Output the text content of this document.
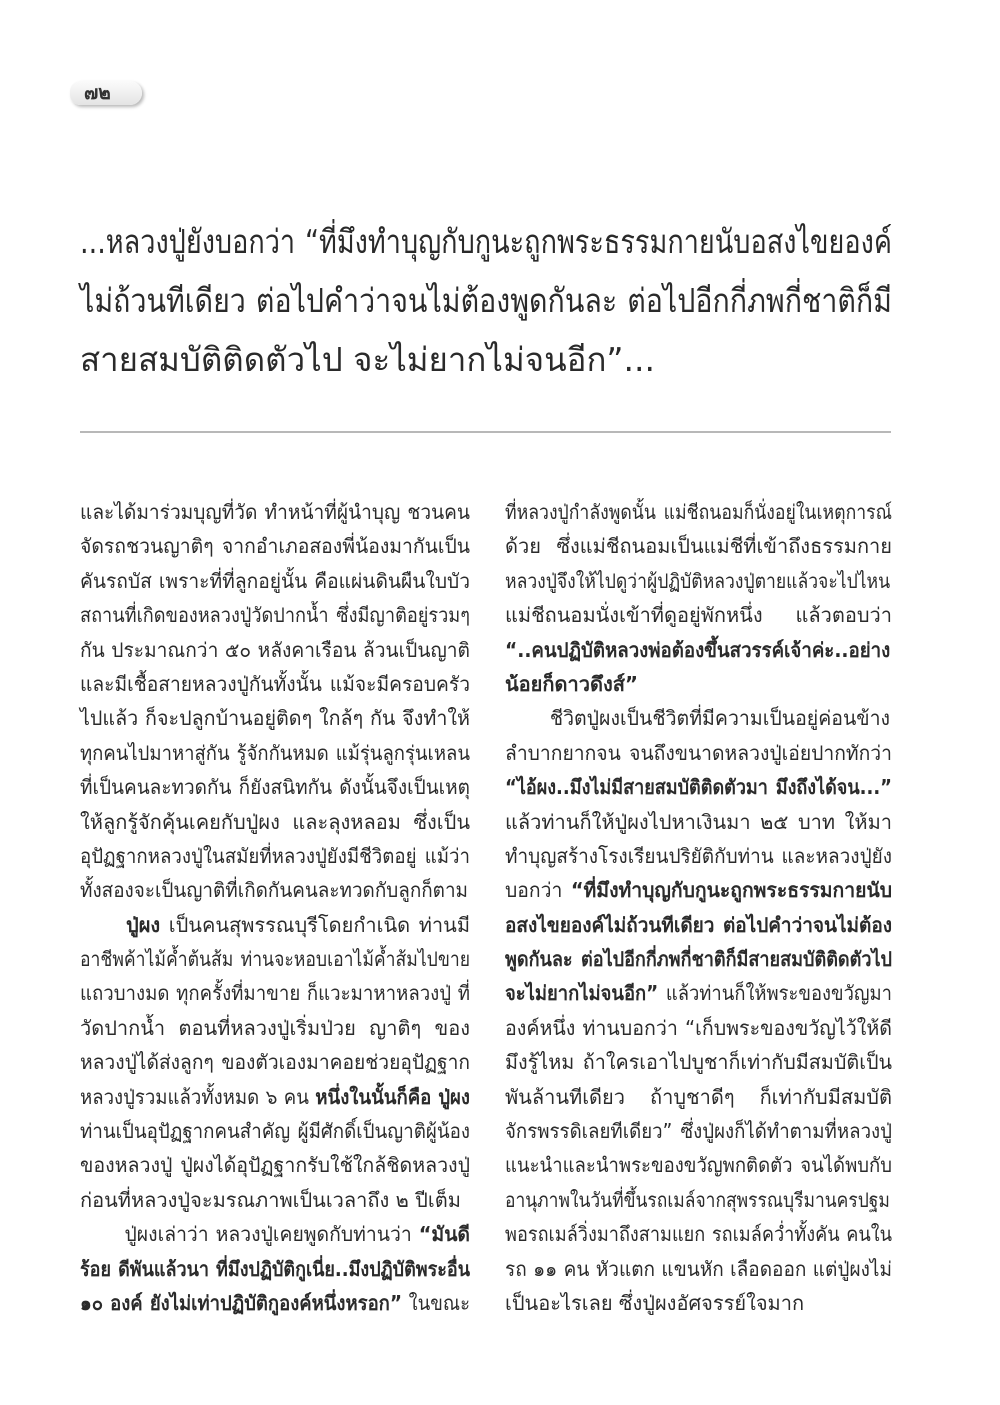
๗๒
...หลวงปู่ยังบอกว่า “ที่มึงทำบุญกับกูนะถูกพระธรรมกายนับอสงไขยองค์
ไม่ถ้วนทีเดียว ต่อไปคำว่าจนไม่ต้องพูดกันละ ต่อไปอีกกี่ภพกี่ชาติก็มี
สายสมบัติติดตัวไป จะไม่ยากไม่จนอีก”...
และได้มาร่วมบุญที่วัด ทำหน้าที่ผู้นำบุญ ชวนคน
จัดรถชวนญาติๆ จากอำเภอสองพี่น้องมากันเป็น
คันรถบัส เพราะที่ที่ลูกอยู่นั้น คือแผ่นดินผืนใบบัว
สถานที่เกิดของหลวงปู่วัดปากน้ำ ซึ่งมีญาติอยู่รวมๆ
กัน ประมาณกว่า ๕๐ หลังคาเรือน ล้วนเป็นญาติ
และมีเชื้อสายหลวงปู่กันทั้งนั้น แม้จะมีครอบครัว
ไปแล้ว ก็จะปลูกบ้านอยู่ติดๆ ใกล้ๆ กัน จึงทำให้
ทุกคนไปมาหาสู่กัน รู้จักกันหมด แม้รุ่นลูกรุ่นเหลน
ที่เป็นคนละทวดกัน ก็ยังสนิทกัน ดังนั้นจึงเป็นเหตุ
ให้ลูกรู้จักคุ้นเคยกับปู่ผง และลุงหลอม ซึ่งเป็น
อุปัฏฐากหลวงปู่ในสมัยที่หลวงปู่ยังมีชีวิตอยู่ แม้ว่า
ทั้งสองจะเป็นญาติที่เกิดกันคนละทวดกับลูกก็ตาม
ปู่ผง เป็นคนสุพรรณบุรีโดยกำเนิด ท่านมี
อาชีพค้าไม้ค้ำต้นส้ม ท่านจะหอบเอาไม้ค้ำส้มไปขาย
แถวบางมด ทุกครั้งที่มาขาย ก็แวะมาหาหลวงปู่ ที่
วัดปากน้ำ ตอนที่หลวงปู่เริ่มป่วย ญาติๆ ของ
หลวงปู่ได้ส่งลูกๆ ของตัวเองมาคอยช่วยอุปัฏฐาก
หลวงปู่รวมแล้วทั้งหมด ๖ คน หนึ่งในนั้นก็คือ ปู่ผง
ท่านเป็นอุปัฏฐากคนสำคัญ ผู้มีศักดิ์เป็นญาติผู้น้อง
ของหลวงปู่ ปู่ผงได้อุปัฏฐากรับใช้ใกล้ชิดหลวงปู่
ก่อนที่หลวงปู่จะมรณภาพเป็นเวลาถึง ๒ ปีเต็ม
ปู่ผงเล่าว่า หลวงปู่เคยพูดกับท่านว่า “มันดี
ร้อย ดีพันแล้วนา ที่มึงปฏิบัติกูเนี่ย..มึงปฏิบัติพระอื่น
๑๐ องค์ ยังไม่เท่าปฏิบัติกูองค์หนึ่งหรอก” ในขณะ
ที่หลวงปู่กำลังพูดนั้น แม่ชีถนอมก็นั่งอยู่ในเหตุการณ์
ด้วย ซึ่งแม่ชีถนอมเป็นแม่ชีที่เข้าถึงธรรมกาย
หลวงปู่จึงให้ไปดูว่าผู้ปฏิบัติหลวงปู่ตายแล้วจะไปไหน
แม่ชีถนอมนั่งเข้าที่ดูอยู่พักหนึ่ง แล้วตอบว่า
“..คนปฏิบัติหลวงพ่อต้องขึ้นสวรรค์เจ้าค่ะ..อย่าง
น้อยก็ดาวดึงส์”
ชีวิตปู่ผงเป็นชีวิตที่มีความเป็นอยู่ค่อนข้าง
ลำบากยากจน จนถึงขนาดหลวงปู่เอ่ยปากทักว่า
“ไอ้ผง..มึงไม่มีสายสมบัติติดตัวมา มึงถึงได้จน...”
แล้วท่านก็ให้ปู่ผงไปหาเงินมา ๒๕ บาท ให้มา
ทำบุญสร้างโรงเรียนปริยัติกับท่าน และหลวงปู่ยัง
บอกว่า “ที่มึงทำบุญกับกูนะถูกพระธรรมกายนับ
อสงไขยองค์ไม่ถ้วนทีเดียว ต่อไปคำว่าจนไม่ต้อง
พูดกันละ ต่อไปอีกกี่ภพกี่ชาติก็มีสายสมบัติติดตัวไป
จะไม่ยากไม่จนอีก” แล้วท่านก็ให้พระของขวัญมา
องค์หนึ่ง ท่านบอกว่า “เก็บพระของขวัญไว้ให้ดี
มึงรู้ไหม ถ้าใครเอาไปบูชาก็เท่ากับมีสมบัติเป็น
พันล้านทีเดียว ถ้าบูชาดีๆ ก็เท่ากับมีสมบัติ
จักรพรรดิเลยทีเดียว” ซึ่งปู่ผงก็ได้ทำตามที่หลวงปู่
แนะนำและนำพระของขวัญพกติดตัว จนได้พบกับ
อานุภาพในวันที่ขึ้นรถเมล์จากสุพรรณบุรีมานครปฐม
พอรถเมล์วิ่งมาถึงสามแยก รถเมล์คว่ำทั้งคัน คนใน
รถ ๑๑ คน หัวแตก แขนหัก เลือดออก แต่ปู่ผงไม่
เป็นอะไรเลย ซึ่งปู่ผงอัศจรรย์ใจมาก
